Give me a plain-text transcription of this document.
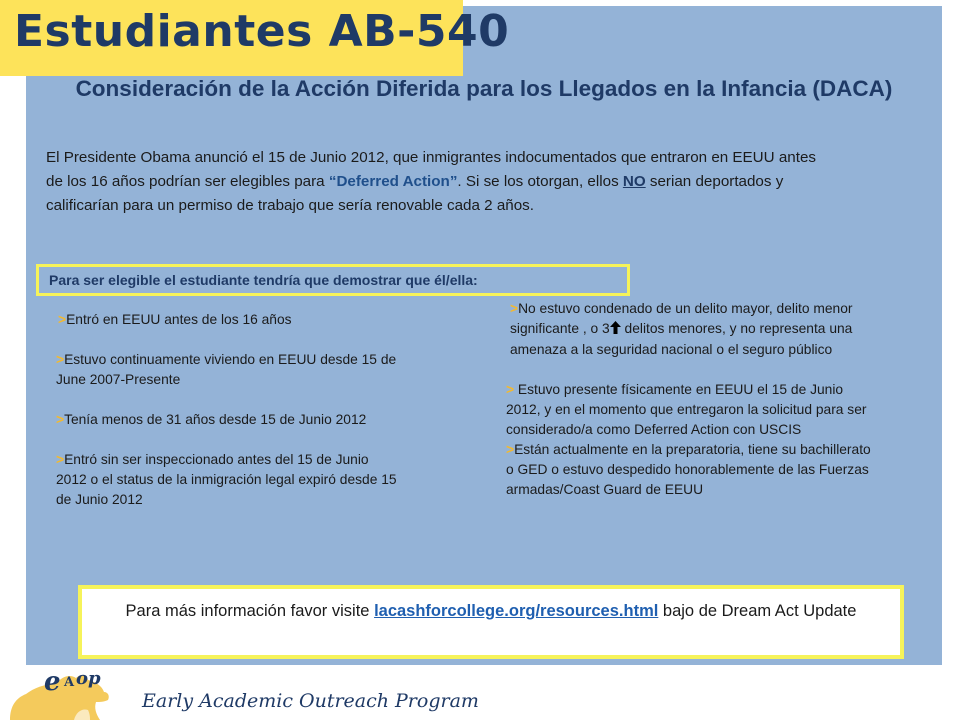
Estudiantes AB-540
Consideración de la Acción Diferida para los Llegados en la Infancia (DACA)
El Presidente Obama anunció el 15 de Junio 2012, que inmigrantes indocumentados que entraron en EEUU antes de los 16 años podrían ser elegibles para “Deferred Action”. Si se los otorgan, ellos NO serian deportados y calificarían para un permiso de trabajo que sería renovable cada 2 años.
Para ser elegible el estudiante tendría que demostrar que él/ella:

>Entró en EEUU antes de los 16 años

>Estuvo continuamente viviendo en EEUU desde 15 de June 2007-Presente

>Tenía menos de 31 años desde 15 de Junio 2012

>Entró sin ser inspeccionado antes del 15 de Junio 2012 o el status de la inmigración legal expiró desde 15 de Junio 2012

>No estuvo condenado de un delito mayor, delito menor significante , o 3 delitos menores, y no representa una amenaza a la seguridad nacional o el seguro público

> Estuvo presente físicamente en EEUU el 15 de Junio 2012, y en el momento que entregaron la solicitud para ser considerado/a como Deferred Action con USCIS

>Están actualmente en la preparatoria, tiene su bachillerato o GED o estuvo despedido honorablemente de las Fuerzas armadas/Coast Guard de EEUU

Para más información favor visite lacashforcollege.org/resources.html bajo de Dream Act Update
e A op
Early Academic Outreach Program
